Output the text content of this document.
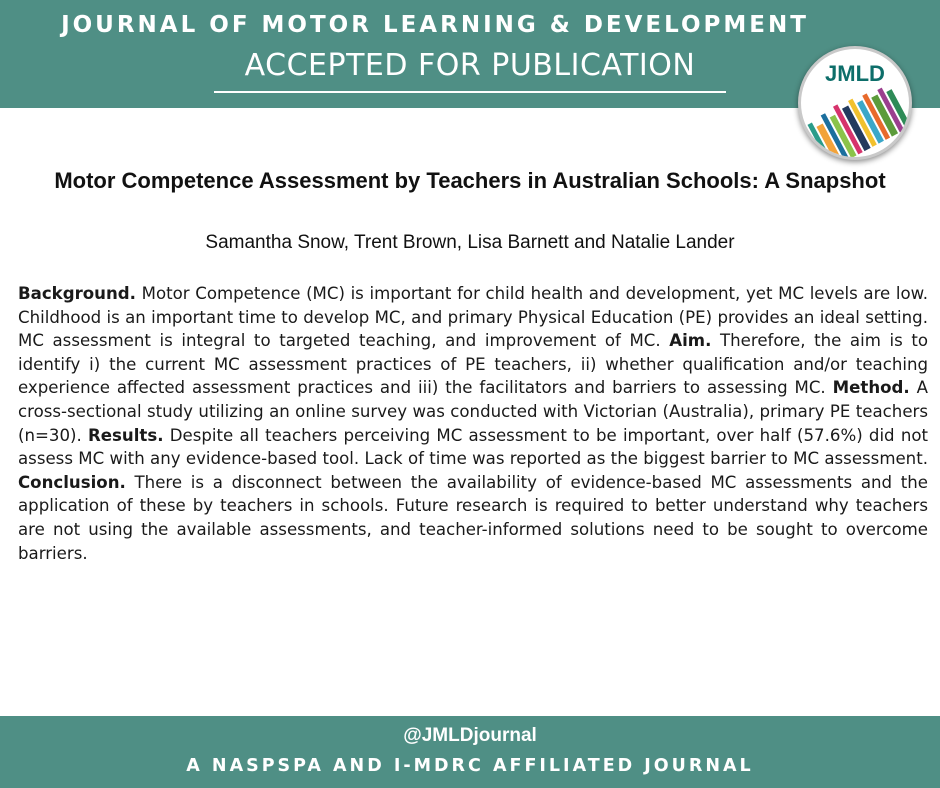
JOURNAL OF MOTOR LEARNING & DEVELOPMENT
ACCEPTED FOR PUBLICATION	JMLD
Motor Competence Assessment by Teachers in Australian Schools: A Snapshot
Samantha Snow, Trent Brown, Lisa Barnett and Natalie Lander

Background. Motor Competence (MC) is important for child health and development, yet MC levels are low. Childhood is an important time to develop MC, and primary Physical Education (PE) provides an ideal setting. MC assessment is integral to targeted teaching, and improvement of MC. Aim. Therefore, the aim is to identify i) the current MC assessment practices of PE teachers, ii) whether qualification and/or teaching experience affected assessment practices and iii) the facilitators and barriers to assessing MC. Method. A cross-sectional study utilizing an online survey was conducted with Victorian (Australia), primary PE teachers (n=30). Results. Despite all teachers perceiving MC assessment to be important, over half (57.6%) did not assess MC with any evidence-based tool. Lack of time was reported as the biggest barrier to MC assessment. Conclusion. There is a disconnect between the availability of evidence-based MC assessments and the application of these by teachers in schools. Future research is required to better understand why teachers are not using the available assessments, and teacher-informed solutions need to be sought to overcome barriers.

@JMLDjournal
A NASPSPA AND I-MDRC AFFILIATED JOURNAL
